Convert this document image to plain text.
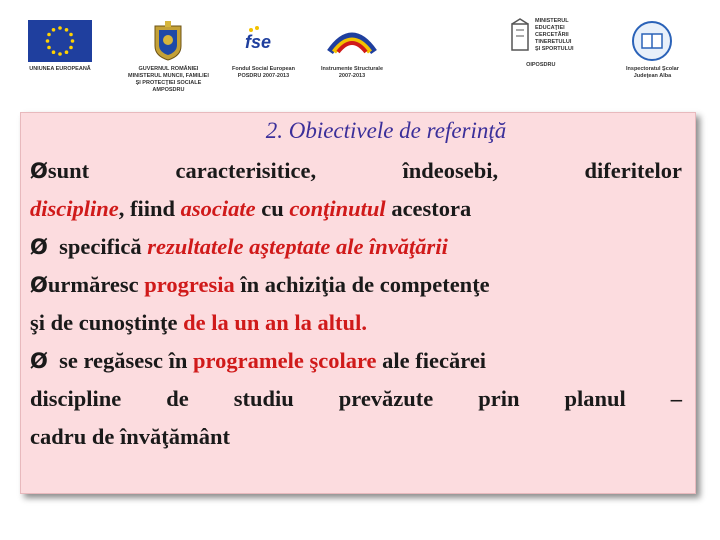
UNIUNEA EUROPEANĂ	GUVERNUL ROMÂNIEI
MINISTERUL MUNCII, FAMILIEI
ŞI PROTECŢIEI SOCIALE
AMPOSDRU
fse
Fondul Social European
POSDRU 2007-2013
Instrumente Structurale
2007-2013
MINISTERUL
EDUCAŢIEI
CERCETĂRII
TINERETULUI
ŞI SPORTULUI
OIPOSDRU
Inspectoratul Şcolar
Judeţean Alba
2. Obiectivele de referinţă

Øsunt	caracterisitice,	îndeosebi,	diferitelor

discipline, fiind asociate cu conţinutul acestora

Ø specifică rezultatele aşteptate ale învăţării

Øurmăresc progresia în achiziţia de competenţe

şi de cunoştinţe de la un an la altul.

Ø se regăsesc în programele şcolare ale fiecărei

discipline de studiu prevăzute prin planul –

cadru de învăţământ
